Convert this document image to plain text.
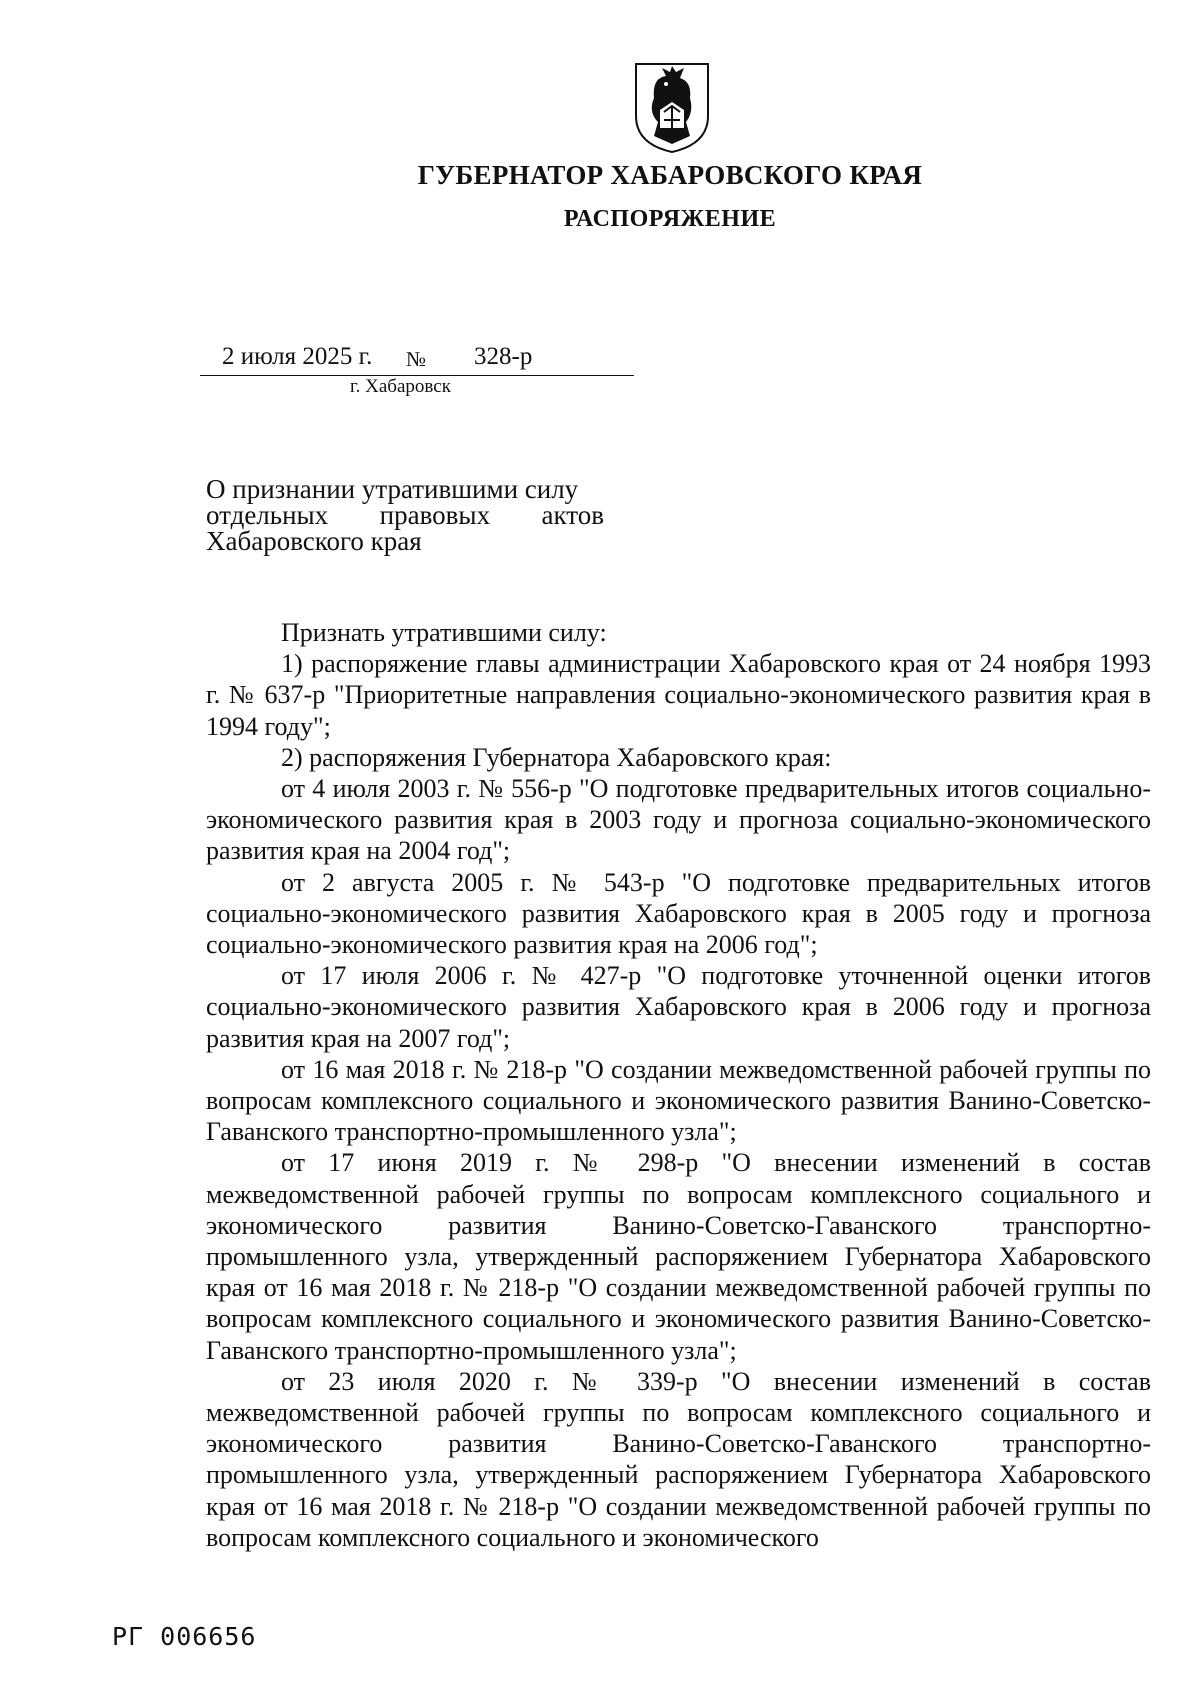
ГУБЕРНАТОР ХАБАРОВСКОГО КРАЯ
РАСПОРЯЖЕНИЕ
2 июля 2025 г. № 328-р
г. Хабаровск
О признании утратившими силу
отдельных правовых актов
Хабаровского края

Признать утратившими силу:

1) распоряжение главы администрации Хабаровского края от 24 ноября 1993 г. № 637-р "Приоритетные направления социально-экономического развития края в 1994 году";

2) распоряжения Губернатора Хабаровского края:

от 4 июля 2003 г. № 556-р "О подготовке предварительных итогов социально-экономического развития края в 2003 году и прогноза социально-экономического развития края на 2004 год";

от 2 августа 2005 г. № 543-р "О подготовке предварительных итогов социально-экономического развития Хабаровского края в 2005 году и прогноза социально-экономического развития края на 2006 год";

от 17 июля 2006 г. № 427-р "О подготовке уточненной оценки итогов социально-экономического развития Хабаровского края в 2006 году и прогноза развития края на 2007 год";

от 16 мая 2018 г. № 218-р "О создании межведомственной рабочей группы по вопросам комплексного социального и экономического развития Ванино-Советско-Гаванского транспортно-промышленного узла";

от 17 июня 2019 г. № 298-р "О внесении изменений в состав межведомственной рабочей группы по вопросам комплексного социального и экономического развития Ванино-Советско-Гаванского транспортно-промышленного узла, утвержденный распоряжением Губернатора Хабаровского края от 16 мая 2018 г. № 218-р "О создании межведомственной рабочей группы по вопросам комплексного социального и экономического развития Ванино-Советско-Гаванского транспортно-промышленного узла";

от 23 июля 2020 г. № 339-р "О внесении изменений в состав межведомственной рабочей группы по вопросам комплексного социального и экономического развития Ванино-Советско-Гаванского транспортно-промышленного узла, утвержденный распоряжением Губернатора Хабаровского края от 16 мая 2018 г. № 218-р "О создании межведомственной рабочей группы по вопросам комплексного социального и экономического

РГ 006656
